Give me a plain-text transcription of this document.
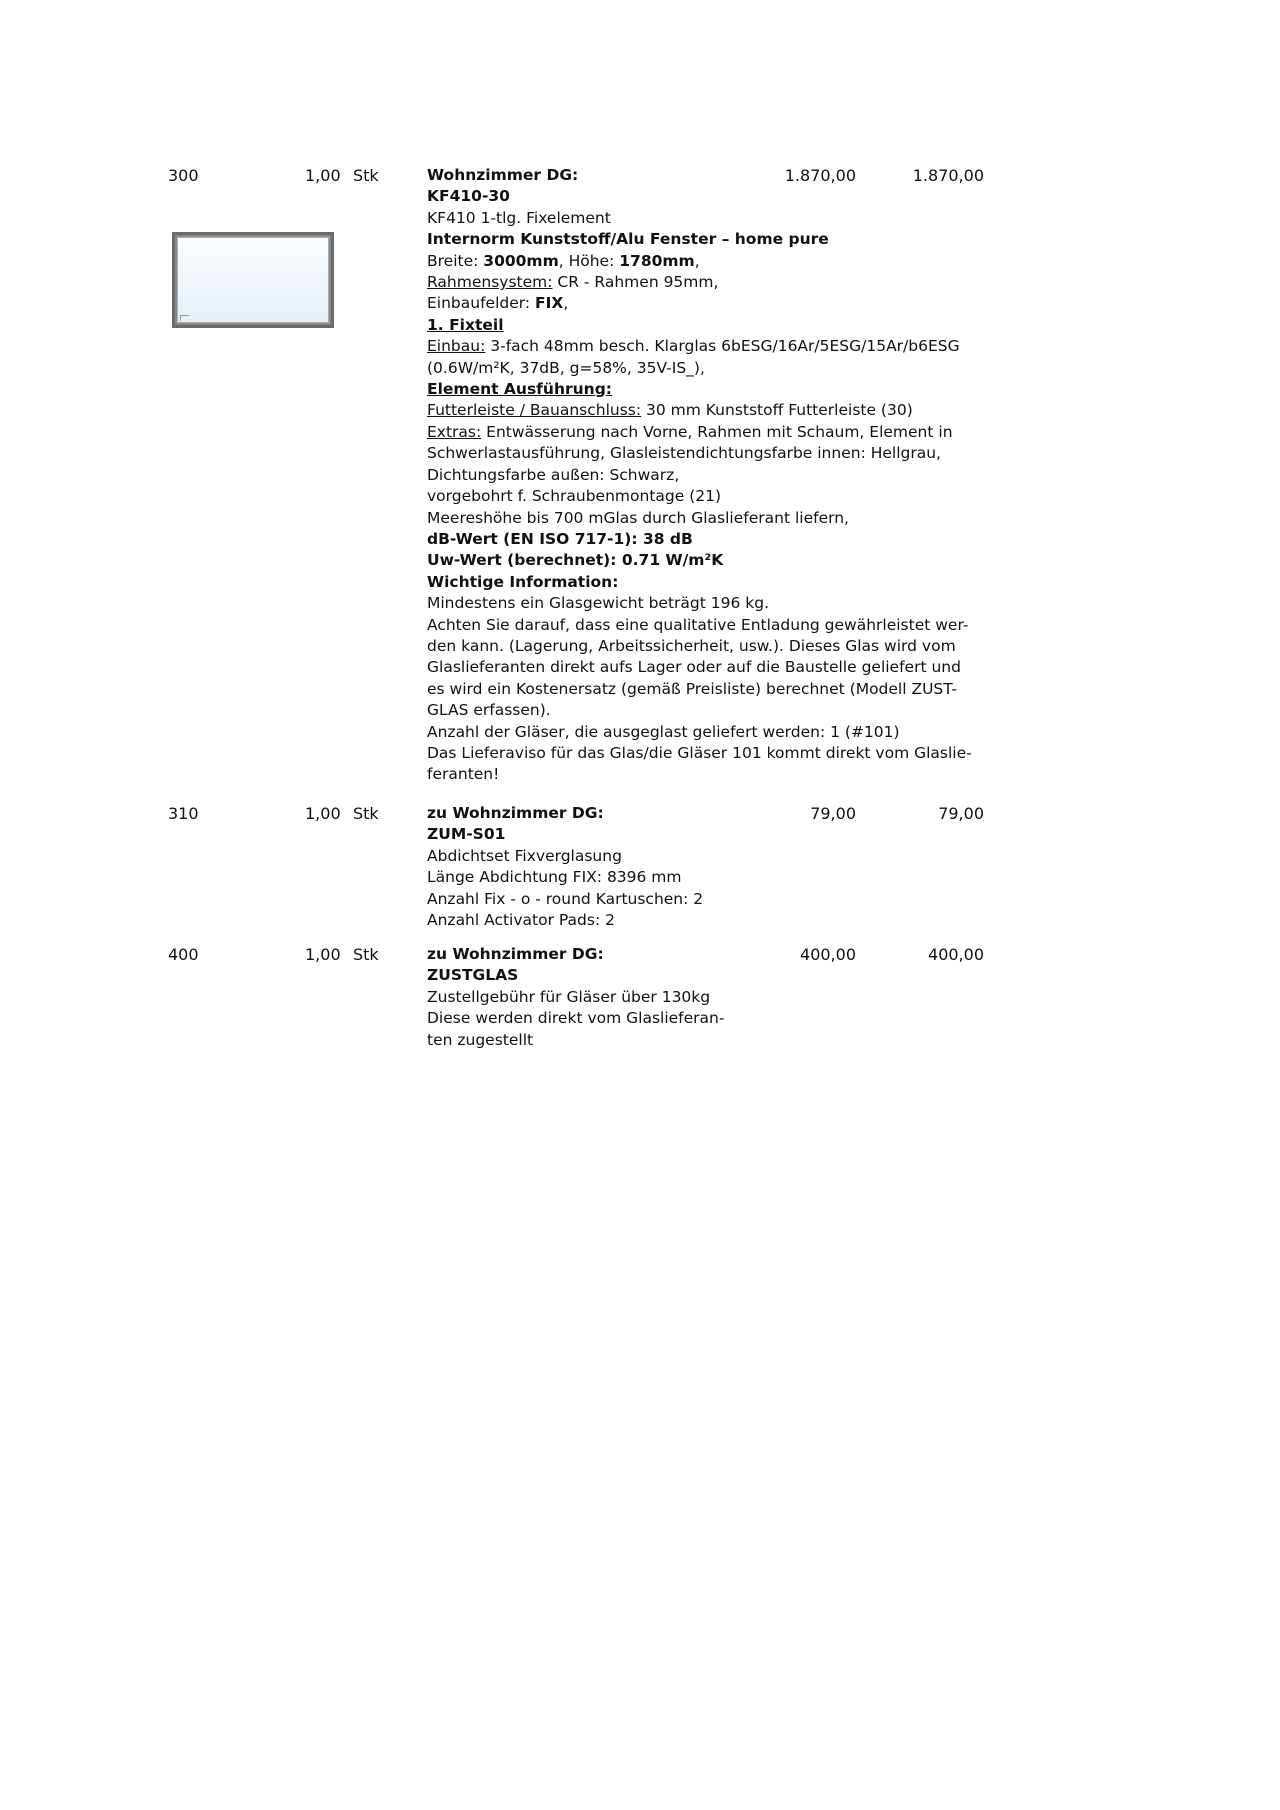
300	1,00 Stk	1.870,00	1.870,00
Wohnzimmer DG:
KF410-30
KF410 1-tlg. Fixelement
Internorm Kunststoff/Alu Fenster – home pure
Breite: 3000mm, Höhe: 1780mm,
Rahmensystem: CR - Rahmen 95mm,
Einbaufelder: FIX,
1. Fixteil
Einbau: 3-fach 48mm besch. Klarglas 6bESG/16Ar/5ESG/15Ar/b6ESG
(0.6W/m²K, 37dB, g=58%, 35V-IS_),
Element Ausführung:
Futterleiste / Bauanschluss: 30 mm Kunststoff Futterleiste (30)
Extras: Entwässerung nach Vorne, Rahmen mit Schaum, Element in
Schwerlastausführung, Glasleistendichtungsfarbe innen: Hellgrau,
Dichtungsfarbe außen: Schwarz,
vorgebohrt f. Schraubenmontage (21)
Meereshöhe bis 700 mGlas durch Glaslieferant liefern,
dB-Wert (EN ISO 717-1): 38 dB
Uw-Wert (berechnet): 0.71 W/m²K
Wichtige Information:
Mindestens ein Glasgewicht beträgt 196 kg.
Achten Sie darauf, dass eine qualitative Entladung gewährleistet wer-
den kann. (Lagerung, Arbeitssicherheit, usw.). Dieses Glas wird vom
Glaslieferanten direkt aufs Lager oder auf die Baustelle geliefert und
es wird ein Kostenersatz (gemäß Preisliste) berechnet (Modell ZUST-
GLAS erfassen).
Anzahl der Gläser, die ausgeglast geliefert werden: 1 (#101)
Das Lieferaviso für das Glas/die Gläser 101 kommt direkt vom Glaslie-
feranten!
310	1,00 Stk	79,00	79,00
zu Wohnzimmer DG:
ZUM-S01
Abdichtset Fixverglasung
Länge Abdichtung FIX: 8396 mm
Anzahl Fix - o - round Kartuschen: 2
Anzahl Activator Pads: 2
400	1,00 Stk	400,00	400,00
zu Wohnzimmer DG:
ZUSTGLAS
Zustellgebühr für Gläser über 130kg
Diese werden direkt vom Glaslieferan-
ten zugestellt
